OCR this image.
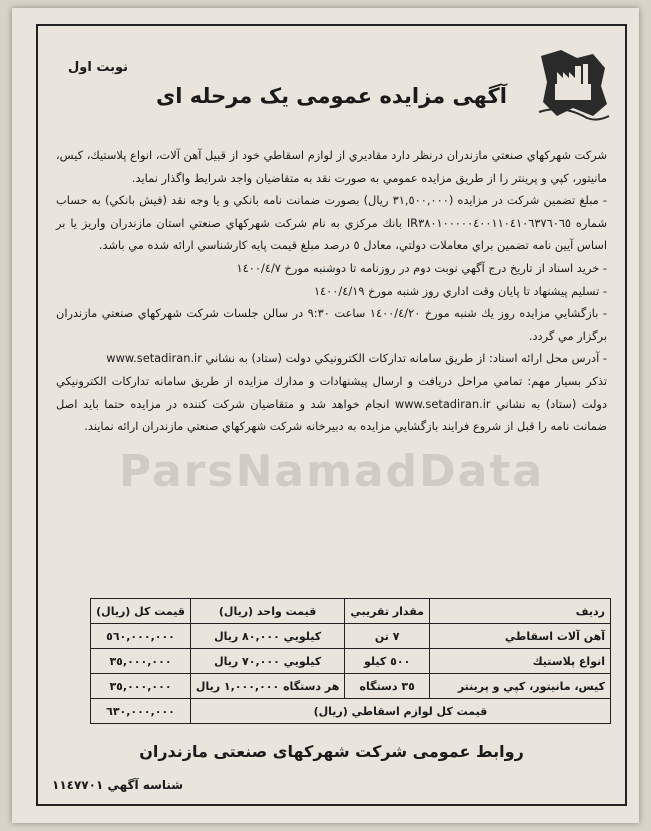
ParsNamadData
نوبت اول
آگهی مزایده عمومی یک مرحله ای

شرکت شهرکهاي صنعتي مازندران درنظر دارد مقاديري از لوازم اسقاطي خود از قبيل آهن آلات، انواع پلاستيك، كيس، مانيتور، كپي و پرينتر را از طريق مزايده عمومي به صورت نقد به متقاضيان واجد شرايط واگذار نمايد.

- مبلغ تضمين شركت در مزايده (٣١,٥٠٠,٠٠٠ ريال) بصورت ضمانت نامه بانكي و يا وجه نقد (فيش بانكي) به حساب شماره IR٣٨٠١٠٠٠٠٠٤٠٠١١٠٤١٠٦٣٧٦٠٦٥ بانك مركزي به نام شركت شهركهاي صنعتي استان مازندران واريز يا بر اساس آيين نامه تضمين براي معاملات دولتي، معادل ٥ درصد مبلغ قيمت پايه كارشناسي ارائه شده مي باشد.

- خريد اسناد از تاريخ درج آگهي نوبت دوم در روزنامه تا دوشنبه مورخ ١٤٠٠/٤/٧

- تسليم پيشنهاد تا پايان وقت اداري روز شنبه مورخ ١٤٠٠/٤/١٩

- بازگشايي مزايده روز يك شنبه مورخ ١٤٠٠/٤/٢٠ ساعت ٩:٣٠ در سالن جلسات شركت شهركهاي صنعتي مازندران برگزار مي گردد.

- آدرس محل ارائه اسناد: از طريق سامانه تداركات الكترونيكي دولت (ستاد) به نشاني www.setadiran.ir

تذكر بسيار مهم: تمامي مراحل دريافت و ارسال پيشنهادات و مدارك مزايده از طريق سامانه تداركات الكترونيكي دولت (ستاد) به نشاني www.setadiran.ir انجام خواهد شد و متقاضيان شركت كننده در مزايده حتما بايد اصل ضمانت نامه را قبل از شروع فرايند بازگشايي مزايده به دبيرخانه شركت شهركهاي صنعتي مازندران ارائه نمايند.

رديف	مقدار تقريبي	قيمت واحد (ريال)	قيمت كل (ريال)
آهن آلات اسقاطي	٧ تن	كيلويي ٨٠,٠٠٠ ريال	٥٦٠,٠٠٠,٠٠٠
انواع پلاستيك	٥٠٠ كيلو	كيلويي ٧٠,٠٠٠ ريال	٣٥,٠٠٠,٠٠٠
كيس، مانيتور، كپي و پرينتر	٣٥ دستگاه	هر دستگاه ١,٠٠٠,٠٠٠ ريال	٣٥,٠٠٠,٠٠٠
قيمت كل لوازم اسقاطي (ريال)			٦٣٠,٠٠٠,٠٠٠
روابط عمومی شرکت شهرکهای صنعتی مازندران
شناسه آگهي ١١٤٧٧٠١
